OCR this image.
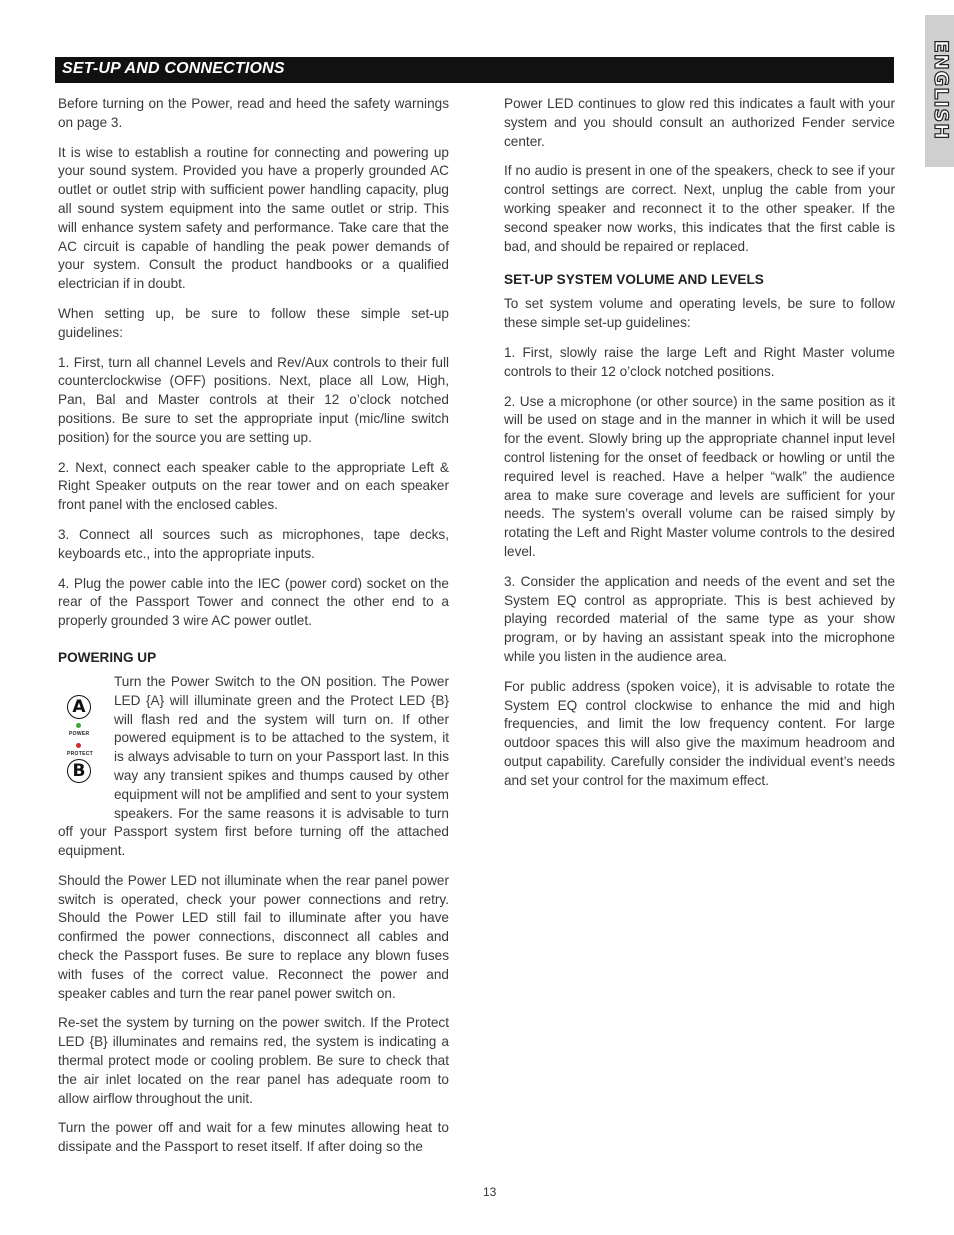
SET-UP AND CONNECTIONS	ENGLISH

Before turning on the Power, read and heed the safety warnings on page 3.

It is wise to establish a routine for connecting and powering up your sound system. Provided you have a properly grounded AC outlet or outlet strip with sufficient power handling capacity, plug all sound system equipment into the same outlet or strip. This will enhance system safety and performance. Take care that the AC circuit is capable of handling the peak power demands of your system. Consult the product handbooks or a qualified electrician if in doubt.

When setting up, be sure to follow these simple set-up guidelines:

1. First, turn all channel Levels and Rev/Aux controls to their full counterclockwise (OFF) positions. Next, place all Low, High, Pan, Bal and Master controls at their 12 o’clock notched positions. Be sure to set the appropriate input (mic/line switch position) for the source you are setting up.

2. Next, connect each speaker cable to the appropriate Left & Right Speaker outputs on the rear tower and on each speaker front panel with the enclosed cables.

3. Connect all sources such as microphones, tape decks, keyboards etc., into the appropriate inputs.

4. Plug the power cable into the IEC (power cord) socket on the rear of the Passport Tower and connect the other end to a properly grounded 3 wire AC power outlet.

POWERING UP
A
POWER
PROTECT
B

Turn the Power Switch to the ON position. The Power LED {A} will illuminate green and the Protect LED {B} will flash red and the system will turn on. If other powered equipment is to be attached to the system, it is always advisable to turn on your Passport last. In this way any transient spikes and thumps caused by other equipment will not be amplified and sent to your system speakers. For the same reasons it is advisable to turn off your Passport system first before turning off the attached equipment.

Should the Power LED not illuminate when the rear panel power switch is operated, check your power connections and retry. Should the Power LED still fail to illuminate after you have confirmed the power connections, disconnect all cables and check the Passport fuses. Be sure to replace any blown fuses with fuses of the correct value. Reconnect the power and speaker cables and turn the rear panel power switch on.

Re-set the system by turning on the power switch. If the Protect LED {B} illuminates and remains red, the system is indicating a thermal protect mode or cooling problem. Be sure to check that the air inlet located on the rear panel has adequate room to allow airflow throughout the unit.

Turn the power off and wait for a few minutes allowing heat to dissipate and the Passport to reset itself. If after doing so the

Power LED continues to glow red this indicates a fault with your system and you should consult an authorized Fender service center.

If no audio is present in one of the speakers, check to see if your control settings are correct. Next, unplug the cable from your working speaker and reconnect it to the other speaker. If the second speaker now works, this indicates that the first cable is bad, and should be repaired or replaced.

SET-UP SYSTEM VOLUME AND LEVELS

To set system volume and operating levels, be sure to follow these simple set-up guidelines:

1. First, slowly raise the large Left and Right Master volume controls to their 12 o’clock notched positions.

2. Use a microphone (or other source) in the same position as it will be used on stage and in the manner in which it will be used for the event. Slowly bring up the appropriate channel input level control listening for the onset of feedback or howling or until the required level is reached. Have a helper “walk” the audience area to make sure coverage and levels are sufficient for your needs. The system’s overall volume can be raised simply by rotating the Left and Right Master volume controls to the desired level.

3. Consider the application and needs of the event and set the System EQ control as appropriate. This is best achieved by playing recorded material of the same type as your show program, or by having an assistant speak into the microphone while you listen in the audience area.

For public address (spoken voice), it is advisable to rotate the System EQ control clockwise to enhance the mid and high frequencies, and limit the low frequency content. For large outdoor spaces this will also give the maximum headroom and output capability. Carefully consider the individual event’s needs and set your control for the maximum effect.

13
